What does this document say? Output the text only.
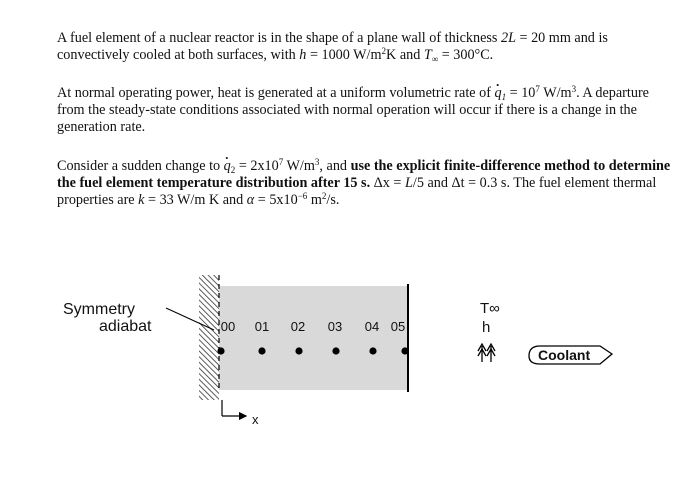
A fuel element of a nuclear reactor is in the shape of a plane wall of thickness 2L = 20 mm and is convectively cooled at both surfaces, with h = 1000 $W/m^2K$ and $T_\infty = 300^\circ C$.

At normal operating power, heat is generated at a uniform volumetric rate of · $q_1 = 10^7$ $W/m^3$. A departure from the steady-state conditions associated with normal operation will occur if there is a change in the generation rate.

Consider a sudden change to · $q_2 = 2x10^7$ $W/m^3$, and use the explicit finite-difference method to determine the fuel element temperature distribution after 15 s. Δx = L/5 and Δt = 0.3 s. The fuel element thermal properties are k = 33 W/m K and $\alpha = 5x10^{-6}$ $m^2/s$.

Symmetry
adiabat	00 01 02 03 04 05
x
T∞
h
Coolant
